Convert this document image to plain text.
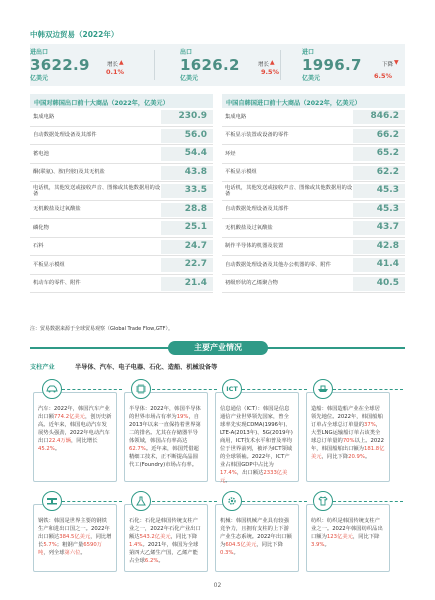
中韩双边贸易（2022年）
进出口
3622.9
亿美元
增长 ▲
0.1%
出口
1626.2
亿美元
增长 ▲
9.5%
进口
1996.7
亿美元
下降 ▼
6.5%
中国对韩国出口前十大商品（2022年，亿美元）
集成电路	230.9
自动数据处理设备及其部件	56.0
蓄电池	54.4
酮(联氨)、胺(羟胺)及其无机盐	43.8
电话机，其他发送或接收声音、图像或其他数据用的设备	33.5
无机酸盐及过氧酸盐	28.8
磷化物	25.1
石料	24.7
平板显示模组	22.7
机动车的零件、附件	21.4
中国自韩国进口前十大商品（2022年，亿美元）
集成电路	846.2
平板显示装置或设备的零件	66.2
环烃	65.2
平板显示模组	62.2
电话机，其他发送或接收声音、图像或其他数据用的设备	45.3
自动数据处理设备及其部件	45.3
无机酸盐及过氧酸盐	43.7
制作半导体的机器及装置	42.8
自动数据处理设备及其他办公机器的零、附件	41.4
初级形状的乙烯聚合物	40.5
注：贸易数据来源于全球贸易观察（Global Trade Flow,GTF）。
主要产业情况
支柱产业	半导体、汽车、电子电器、石化、造船、机械设备等
汽车：2022年，韩国汽车产业出口额774.2亿美元，创历史新高。近年来，韩国电动汽车发展势头强劲，2022年电动汽车出口22.4万辆，同比增长45.2%。
半导体：2022年，韩国半导体的世界市场占有率为19%，自2013年以来一直保持着世界第二的排名。尤其在存储器半导体领域，韩国占有率高达62.7%。近年来，韩国凭借超精细工技术，正不断提高晶圆代工(Foundry)市场占有率。
ICT
信息通信（ICT）：韩国是信息通信产业世界领先国家，曾全球率先实现CDMA(1996年)、LTE-A(2013年)、5G(2019年)商用，ICT技术水平和普及率均位于世界前列，被评为ICT领域的全球领袖。2022年，ICT产业占韩国GDP中占比为17.4%，出口额达2333亿美元。
造船：韩国造船产业在全球居领先地位。2022年，韩国船舶订单占全球总订单量的37%，大型LNG运输船订单占该类全球总订单量的70%以上。2022年，韩国船舶出口额为181.8亿美元，同比下降20.9%。
钢铁：韩国是世界主要的钢铁生产和进出口国之一。2022年出口额达384.5亿美元，同比增长5.7%；粗钢产量6590万吨，列全球第六位。
石化：石化是韩国传统支柱产业之一，2022年石化产业出口额达543.2亿美元，同比下降1.4%。2021年，韩国为全球第四大乙烯生产国，乙烯产能占全球6.2%。
机械：韩国机械产业具有较强竞争力，且拥有支柱的上下游产业生态系统。2022年出口额为604.5亿美元，同比下降0.3%。
纺织：纺织是韩国传统支柱产业之一。2022年韩国纺织品出口额为123亿美元，同比下降3.9%。
02
